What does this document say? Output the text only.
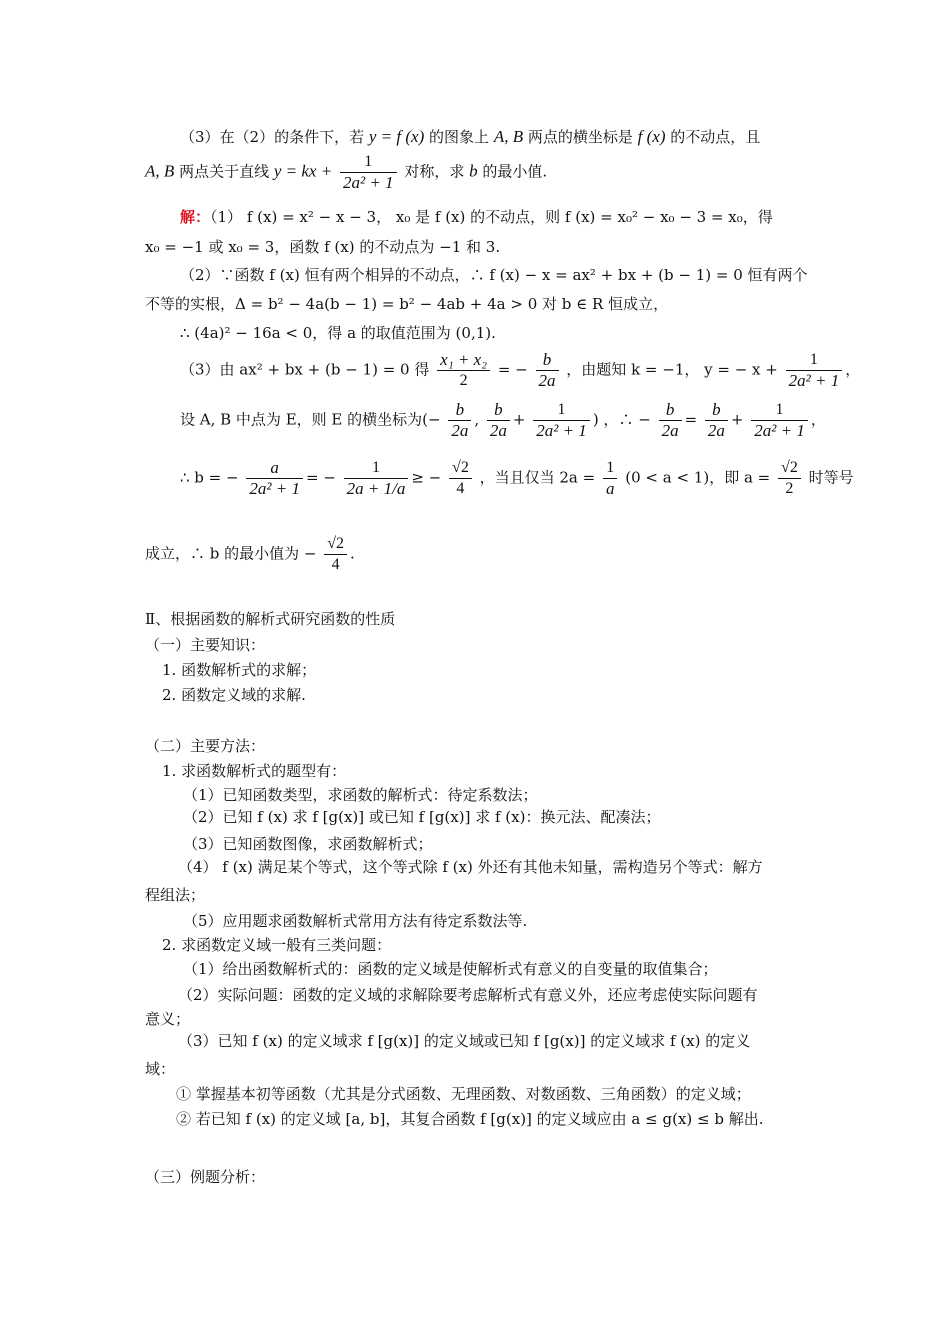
（3）在（2）的条件下，若 y = f (x) 的图象上 A, B 两点的横坐标是 f (x) 的不动点，且
A, B 两点关于直线 y = kx + $\frac{1}{\text{2a² + 1}}$ 对称，求 b 的最小值.
解：（1） f (x) = x² − x − 3， x₀ 是 f (x) 的不动点，则 f (x) = x₀² − x₀ − 3 = x₀，得
x₀ = −1 或 x₀ = 3，函数 f (x) 的不动点为 −1 和 3.
（2）∵函数 f (x) 恒有两个相异的不动点，∴ f (x) − x = ax² + bx + (b − 1) = 0 恒有两个
不等的实根，Δ = b² − 4a(b − 1) = b² − 4ab + 4a > 0 对 b ∈ R 恒成立，
∴ (4a)² − 16a < 0，得 a 的取值范围为 (0,1).
（3）由 ax² + bx + (b − 1) = 0 得 $\frac{\text{x₁ + x₂}}{2}$ = − $\frac{b}{2a}$ ，由题知 k = −1， y = − $x + \frac{1}{\text{2a² + 1}}$ ，
设 A, B 中点为 E，则 E 的横坐标为(− $\frac{b}{2a}$ , $\frac{b}{2a} + \frac{1}{\text{2a² + 1}}$ ) ，∴ − $\frac{b}{2a} = \frac{b}{2a} + \frac{1}{\text{2a² + 1}}$ ，
∴ b = − $\frac{a}{\text{2a² + 1}}$ = − $\frac{1}{2a + 1/a}$ ≥ − $\frac{√2}{4}$ ，当且仅当 $2a = \frac{1}{a} (0 < a < 1)$，即 $a = \frac{√2}{2}$ 时等号
成立，∴ b 的最小值为 − $\frac{√2}{4}$ .
Ⅱ、根据函数的解析式研究函数的性质
（一）主要知识：
1. 函数解析式的求解；
2. 函数定义域的求解.
（二）主要方法：
1. 求函数解析式的题型有：
（1）已知函数类型，求函数的解析式：待定系数法；
（2）已知 f (x) 求 f [g(x)] 或已知 f [g(x)] 求 f (x)：换元法、配凑法；
（3）已知函数图像，求函数解析式；
（4） f (x) 满足某个等式，这个等式除 f (x) 外还有其他未知量，需构造另个等式：解方
程组法；
（5）应用题求函数解析式常用方法有待定系数法等.
2. 求函数定义域一般有三类问题：
（1）给出函数解析式的：函数的定义域是使解析式有意义的自变量的取值集合；
（2）实际问题：函数的定义域的求解除要考虑解析式有意义外，还应考虑使实际问题有
意义；
（3）已知 f (x) 的定义域求 f [g(x)] 的定义域或已知 f [g(x)] 的定义域求 f (x) 的定义
域：
① 掌握基本初等函数（尤其是分式函数、无理函数、对数函数、三角函数）的定义域；
② 若已知 f (x) 的定义域 [a, b]，其复合函数 f [g(x)] 的定义域应由 a ≤ g(x) ≤ b 解出.
（三）例题分析：
